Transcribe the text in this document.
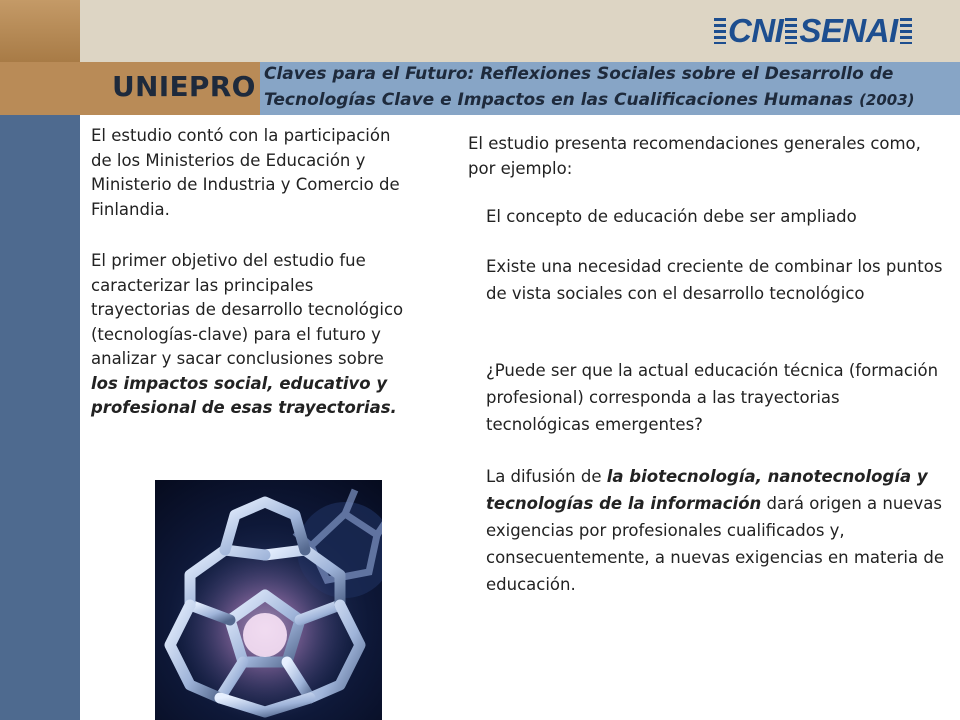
CNI SENAI
UNIEPRO Claves para el Futuro: Reflexiones Sociales sobre el Desarrollo de Tecnologías Clave e Impactos en las Cualificaciones Humanas (2003)
El estudio contó con la participación de los Ministerios de Educación y Ministerio de Industria y Comercio de Finlandia.
El primer objetivo del estudio fue caracterizar las principales trayectorias de desarrollo tecnológico (tecnologías-clave) para el futuro y analizar y sacar conclusiones sobre los impactos social, educativo y profesional de esas trayectorias.
El estudio presenta recomendaciones generales como, por ejemplo:
El concepto de educación debe ser ampliado
Existe una necesidad creciente de combinar los puntos de vista sociales con el desarrollo tecnológico
¿Puede ser que la actual educación técnica (formación profesional) corresponda a las trayectorias tecnológicas emergentes?
La difusión de la biotecnología, nanotecnología y tecnologías de la información dará origen a nuevas exigencias por profesionales cualificados y, consecuentemente, a nuevas exigencias en materia de educación.
